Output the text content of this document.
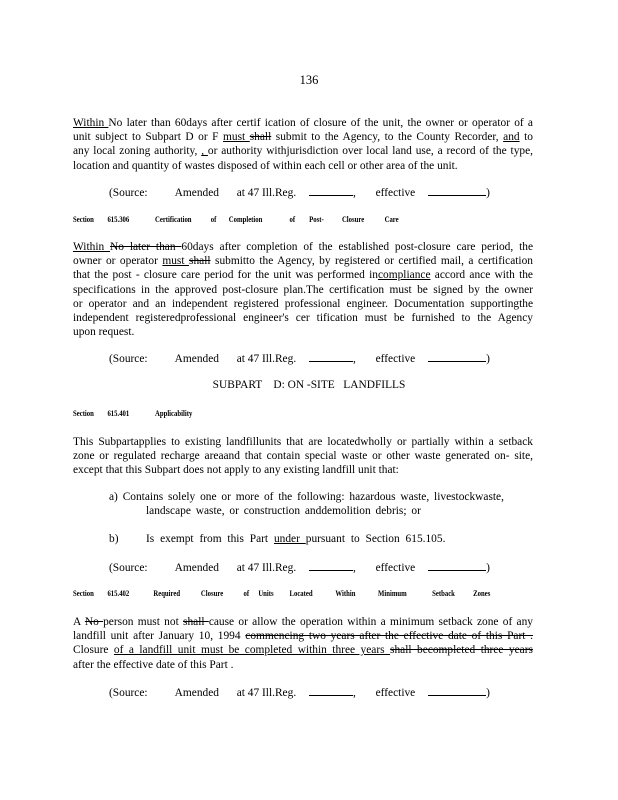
136
Within No later than 60days after certif ication of closure of the unit, the owner or operator of a
unit subject to Subpart D or F must shall submit to the Agency, to the County Recorder, and to
any local zoning authority, , or authority withjurisdiction over local land use, a record of the type,
location and quantity of wastes disposed of within each cell or other area of the unit.
(Source: Amended at 47 Ill.Reg.	, effective	)
Section 615.306	Certification of Completion	of Post- Closure Care
Within No later than 60days after completion of the established post-closure care period, the
owner or operator must shall submitto the Agency, by registered or certified mail, a certification
that the post - closure care period for the unit was performed incompliance accord ance with the
specifications in the approved post-closure plan.The certification must be signed by the owner
or operator and an independent registered professional engineer. Documentation supportingthe
independent registeredprofessional engineer's cer tification must be furnished to the Agency
upon request.
(Source: Amended at 47 Ill.Reg.	, effective	)
SUBPART    D: ON -SITE   LANDFILLS
Section 615.401	Applicability
This Subpartapplies to existing landfillunits that are locatedwholly or partially within a setback
zone or regulated recharge areaand that contain special waste or other waste generated on- site,
except that this Subpart does not apply to any existing landfill unit that:
a) Contains solely one or more of the following: hazardous waste, livestockwaste,
landscape waste, or construction anddemolition debris; or
b) Is exempt from this Part under pursuant to Section 615.105.
(Source: Amended at 47 Ill.Reg.	, effective	)
Section 615.402	Required	Closure of Units Located	Within	Minimum	Setback Zones
A No person must not shall cause or allow the operation within a minimum setback zone of any
landfill unit after January 10, 1994 commencing two years after the effective date of this Part .
Closure of a landfill unit must be completed within three years shall becompleted three years
after the effective date of this Part .
(Source: Amended at 47 Ill.Reg.	, effective	)
